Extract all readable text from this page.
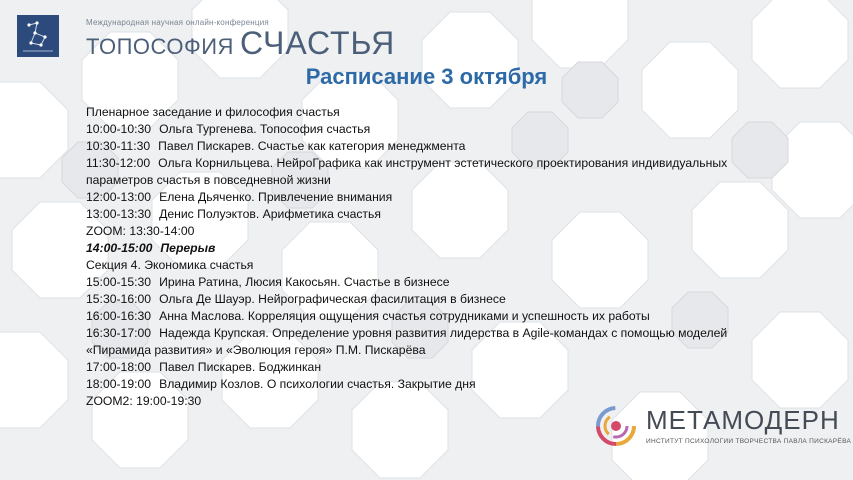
Международная научная онлайн-конференция
ТОПОСОФИЯ СЧАСТЬЯ
Расписание 3 октября
Пленарное заседание и философия счастья
10:00-10:30 Ольга Тургенева. Топософия счастья
10:30-11:30 Павел Пискарев. Счастье как категория менеджмента
11:30-12:00 Ольга Корнильцева. НейроГрафика как инструмент эстетического проектирования индивидуальных параметров счастья в повседневной жизни
12:00-13:00 Елена Дьяченко. Привлечение внимания
13:00-13:30 Денис Полуэктов. Арифметика счастья
ZOOM: 13:30-14:00
14:00-15:00 Перерыв
Секция 4. Экономика счастья
15:00-15:30 Ирина Ратина, Люсия Какосьян. Счастье в бизнесе
15:30-16:00 Ольга Де Шауэр. Нейрографическая фасилитация в бизнесе
16:00-16:30 Анна Маслова. Корреляция ощущения счастья сотрудниками и успешность их работы
16:30-17:00 Надежда Крупская. Определение уровня развития лидерства в Agile-командах с помощью моделей «Пирамида развития» и «Эволюция героя» П.М. Пискарёва
17:00-18:00 Павел Пискарев. Боджинкан
18:00-19:00 Владимир Козлов. О психологии счастья. Закрытие дня
ZOOM2: 19:00-19:30
МЕТАМОДЕРН
ИНСТИТУТ ПСИХОЛОГИИ ТВОРЧЕСТВА ПАВЛА ПИСКАРЁВА
